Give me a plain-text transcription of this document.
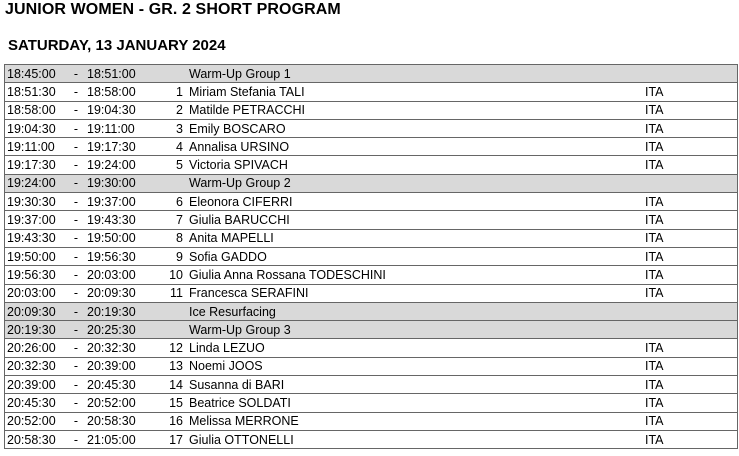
JUNIOR WOMEN - GR. 2 SHORT PROGRAM
SATURDAY, 13 JANUARY 2024
18:45:00	-	18:51:00		Warm-Up Group 1	
18:51:30	-	18:58:00	1	Miriam Stefania TALI	ITA
18:58:00	-	19:04:30	2	Matilde PETRACCHI	ITA
19:04:30	-	19:11:00	3	Emily BOSCARO	ITA
19:11:00	-	19:17:30	4	Annalisa URSINO	ITA
19:17:30	-	19:24:00	5	Victoria SPIVACH	ITA
19:24:00	-	19:30:00		Warm-Up Group 2	
19:30:30	-	19:37:00	6	Eleonora CIFERRI	ITA
19:37:00	-	19:43:30	7	Giulia BARUCCHI	ITA
19:43:30	-	19:50:00	8	Anita MAPELLI	ITA
19:50:00	-	19:56:30	9	Sofia GADDO	ITA
19:56:30	-	20:03:00	10	Giulia Anna Rossana TODESCHINI	ITA
20:03:00	-	20:09:30	11	Francesca SERAFINI	ITA
20:09:30	-	20:19:30		Ice Resurfacing	
20:19:30	-	20:25:30		Warm-Up Group 3	
20:26:00	-	20:32:30	12	Linda LEZUO	ITA
20:32:30	-	20:39:00	13	Noemi JOOS	ITA
20:39:00	-	20:45:30	14	Susanna di BARI	ITA
20:45:30	-	20:52:00	15	Beatrice SOLDATI	ITA
20:52:00	-	20:58:30	16	Melissa MERRONE	ITA
20:58:30	-	21:05:00	17	Giulia OTTONELLI	ITA
